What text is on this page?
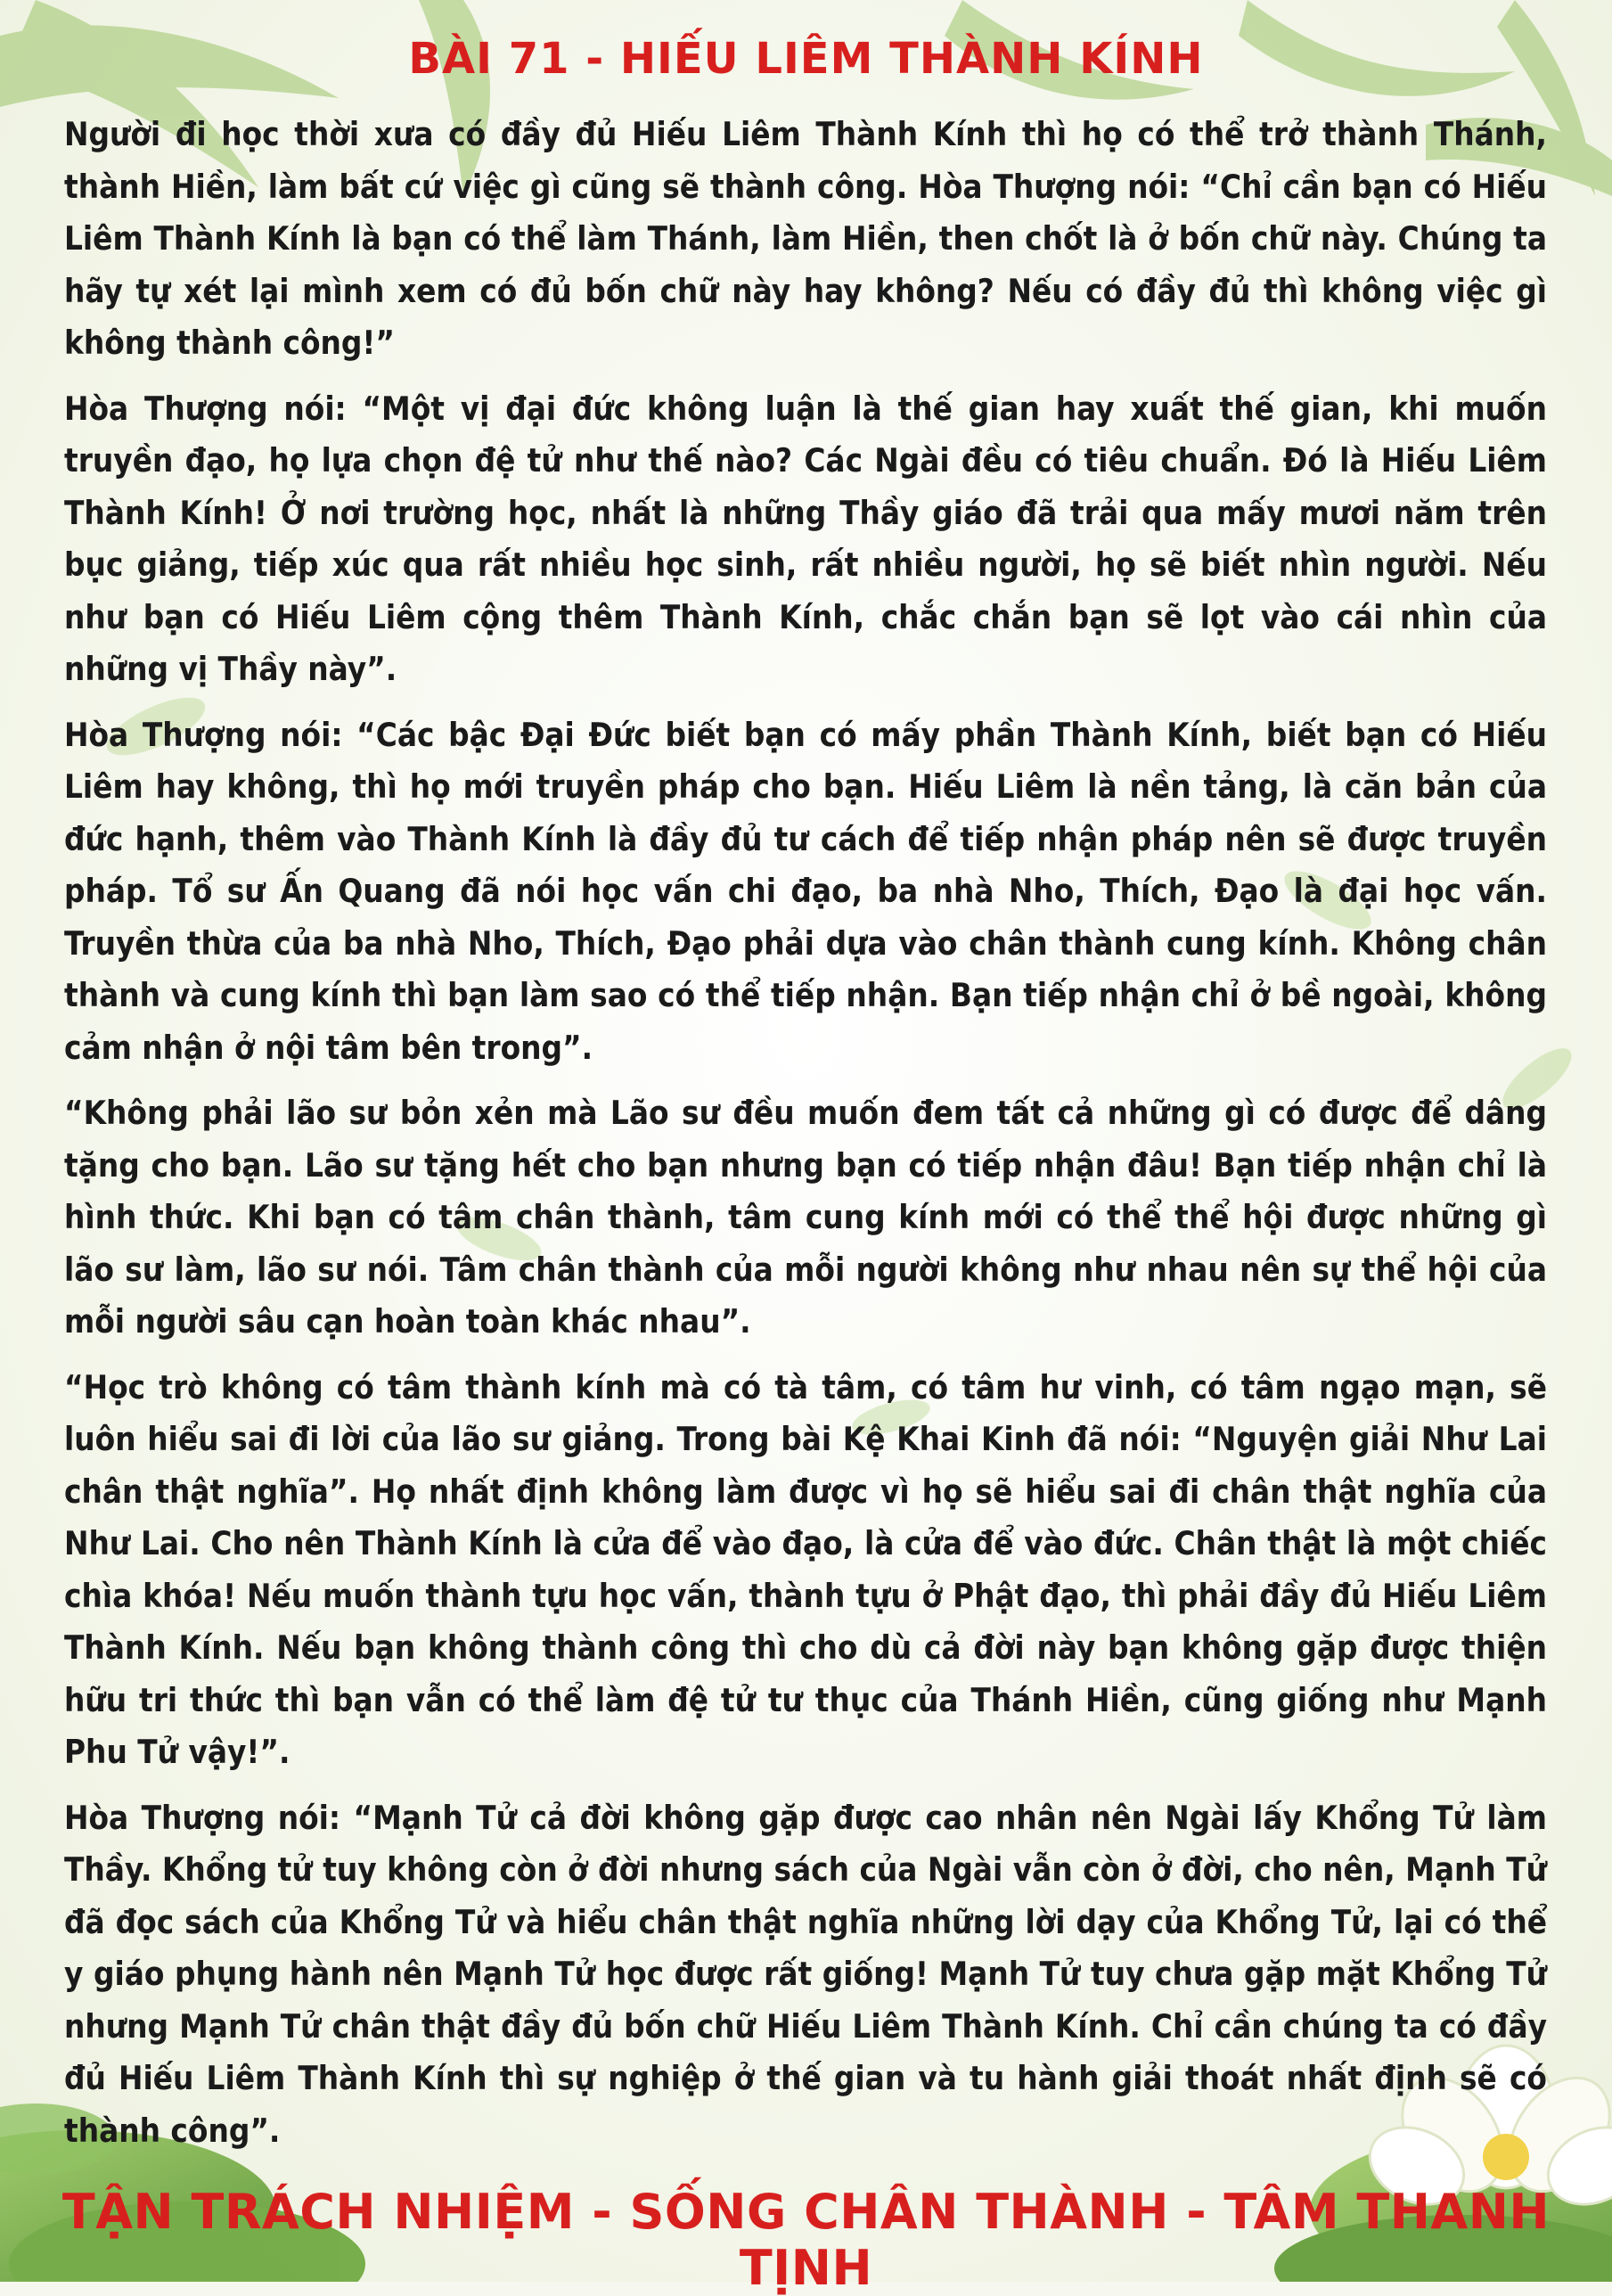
BÀI 71 - HIẾU LIÊM THÀNH KÍNH

Người đi học thời xưa có đầy đủ Hiếu Liêm Thành Kính thì họ có thể trở thành Thánh, thành Hiền, làm bất cứ việc gì cũng sẽ thành công. Hòa Thượng nói: “Chỉ cần bạn có Hiếu Liêm Thành Kính là bạn có thể làm Thánh, làm Hiền, then chốt là ở bốn chữ này. Chúng ta hãy tự xét lại mình xem có đủ bốn chữ này hay không? Nếu có đầy đủ thì không việc gì không thành công!”

Hòa Thượng nói: “Một vị đại đức không luận là thế gian hay xuất thế gian, khi muốn truyền đạo, họ lựa chọn đệ tử như thế nào? Các Ngài đều có tiêu chuẩn. Đó là Hiếu Liêm Thành Kính! Ở nơi trường học, nhất là những Thầy giáo đã trải qua mấy mươi năm trên bục giảng, tiếp xúc qua rất nhiều học sinh, rất nhiều người, họ sẽ biết nhìn người. Nếu như bạn có Hiếu Liêm cộng thêm Thành Kính, chắc chắn bạn sẽ lọt vào cái nhìn của những vị Thầy này”.

Hòa Thượng nói: “Các bậc Đại Đức biết bạn có mấy phần Thành Kính, biết bạn có Hiếu Liêm hay không, thì họ mới truyền pháp cho bạn. Hiếu Liêm là nền tảng, là căn bản của đức hạnh, thêm vào Thành Kính là đầy đủ tư cách để tiếp nhận pháp nên sẽ được truyền pháp. Tổ sư Ấn Quang đã nói học vấn chi đạo, ba nhà Nho, Thích, Đạo là đại học vấn. Truyền thừa của ba nhà Nho, Thích, Đạo phải dựa vào chân thành cung kính. Không chân thành và cung kính thì bạn làm sao có thể tiếp nhận. Bạn tiếp nhận chỉ ở bề ngoài, không cảm nhận ở nội tâm bên trong”.

“Không phải lão sư bỏn xẻn mà Lão sư đều muốn đem tất cả những gì có được để dâng tặng cho bạn. Lão sư tặng hết cho bạn nhưng bạn có tiếp nhận đâu! Bạn tiếp nhận chỉ là hình thức. Khi bạn có tâm chân thành, tâm cung kính mới có thể thể hội được những gì lão sư làm, lão sư nói. Tâm chân thành của mỗi người không như nhau nên sự thể hội của mỗi người sâu cạn hoàn toàn khác nhau”.

“Học trò không có tâm thành kính mà có tà tâm, có tâm hư vinh, có tâm ngạo mạn, sẽ luôn hiểu sai đi lời của lão sư giảng. Trong bài Kệ Khai Kinh đã nói: “Nguyện giải Như Lai chân thật nghĩa”. Họ nhất định không làm được vì họ sẽ hiểu sai đi chân thật nghĩa của Như Lai. Cho nên Thành Kính là cửa để vào đạo, là cửa để vào đức. Chân thật là một chiếc chìa khóa! Nếu muốn thành tựu học vấn, thành tựu ở Phật đạo, thì phải đầy đủ Hiếu Liêm Thành Kính. Nếu bạn không thành công thì cho dù cả đời này bạn không gặp được thiện hữu tri thức thì bạn vẫn có thể làm đệ tử tư thục của Thánh Hiền, cũng giống như Mạnh Phu Tử vậy!”.

Hòa Thượng nói: “Mạnh Tử cả đời không gặp được cao nhân nên Ngài lấy Khổng Tử làm Thầy. Khổng tử tuy không còn ở đời nhưng sách của Ngài vẫn còn ở đời, cho nên, Mạnh Tử đã đọc sách của Khổng Tử và hiểu chân thật nghĩa những lời dạy của Khổng Tử, lại có thể y giáo phụng hành nên Mạnh Tử học được rất giống! Mạnh Tử tuy chưa gặp mặt Khổng Tử nhưng Mạnh Tử chân thật đầy đủ bốn chữ Hiếu Liêm Thành Kính. Chỉ cần chúng ta có đầy đủ Hiếu Liêm Thành Kính thì sự nghiệp ở thế gian và tu hành giải thoát nhất định sẽ có thành công”.

TẬN TRÁCH NHIỆM - SỐNG CHÂN THÀNH - TÂM THANH TỊNH
